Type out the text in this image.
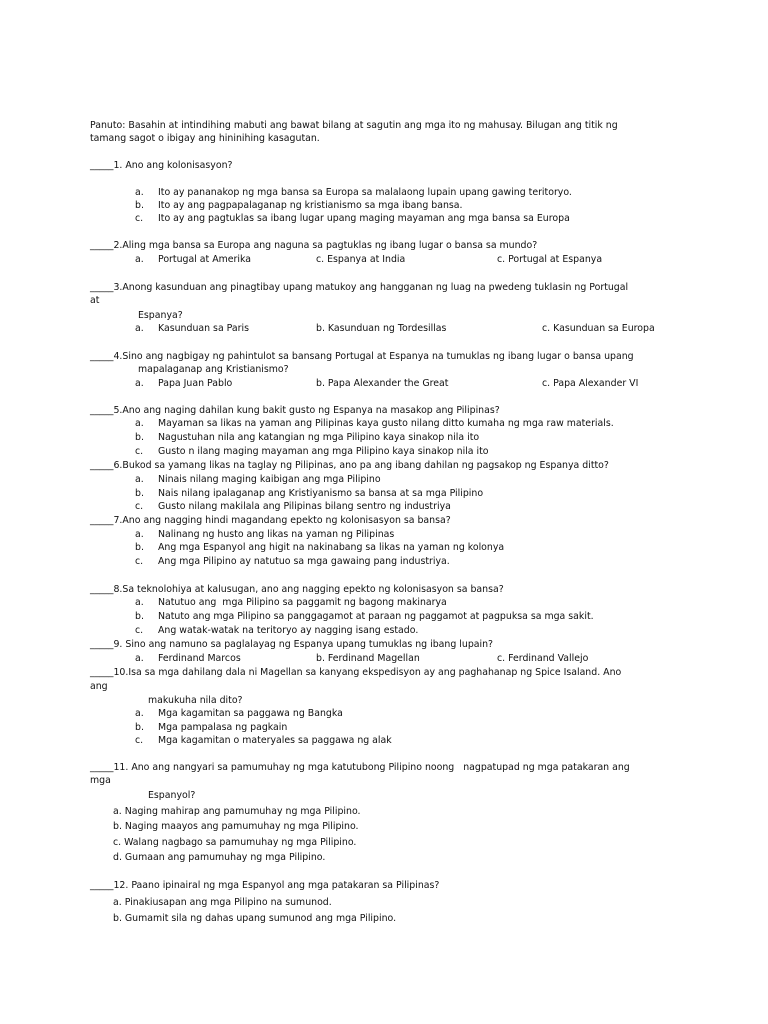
Panuto: Basahin at intindihing mabuti ang bawat bilang at sagutin ang mga ito ng mahusay. Bilugan ang titik ng
tamang sagot o ibigay ang hininihing kasagutan.
_____1. Ano ang kolonisasyon?
a. Ito ay pananakop ng mga bansa sa Europa sa malalaong lupain upang gawing teritoryo.
b. Ito ay ang pagpapalaganap ng kristianismo sa mga ibang bansa.
c. Ito ay ang pagtuklas sa ibang lugar upang maging mayaman ang mga bansa sa Europa
_____2.Aling mga bansa sa Europa ang naguna sa pagtuklas ng ibang lugar o bansa sa mundo?
a. Portugal at Amerika	c. Espanya at India	c. Portugal at Espanya
_____3.Anong kasunduan ang pinagtibay upang matukoy ang hangganan ng luag na pwedeng tuklasin ng Portugal
at
Espanya?
a. Kasunduan sa Paris	b. Kasunduan ng Tordesillas	c. Kasunduan sa Europa
_____4.Sino ang nagbigay ng pahintulot sa bansang Portugal at Espanya na tumuklas ng ibang lugar o bansa upang
mapalaganap ang Kristianismo?
a. Papa Juan Pablo	b. Papa Alexander the Great	c. Papa Alexander VI
_____5.Ano ang naging dahilan kung bakit gusto ng Espanya na masakop ang Pilipinas?
a. Mayaman sa likas na yaman ang Pilipinas kaya gusto nilang ditto kumaha ng mga raw materials.
b. Nagustuhan nila ang katangian ng mga Pilipino kaya sinakop nila ito
c. Gusto n ilang maging mayaman ang mga Pilipino kaya sinakop nila ito
_____6.Bukod sa yamang likas na taglay ng Pilipinas, ano pa ang ibang dahilan ng pagsakop ng Espanya ditto?
a. Ninais nilang maging kaibigan ang mga Pilipino
b. Nais nilang ipalaganap ang Kristiyanismo sa bansa at sa mga Pilipino
c. Gusto nilang makilala ang Pilipinas bilang sentro ng industriya
_____7.Ano ang nagging hindi magandang epekto ng kolonisasyon sa bansa?
a. Nalinang ng husto ang likas na yaman ng Pilipinas
b. Ang mga Espanyol ang higit na nakinabang sa likas na yaman ng kolonya
c. Ang mga Pilipino ay natutuo sa mga gawaing pang industriya.
_____8.Sa teknolohiya at kalusugan, ano ang nagging epekto ng kolonisasyon sa bansa?
a. Natutuo ang  mga Pilipino sa paggamit ng bagong makinarya
b. Natuto ang mga Pilipino sa panggagamot at paraan ng paggamot at pagpuksa sa mga sakit.
c. Ang watak-watak na teritoryo ay nagging isang estado.
_____9. Sino ang namuno sa paglalayag ng Espanya upang tumuklas ng ibang lupain?
a. Ferdinand Marcos	b. Ferdinand Magellan	c. Ferdinand Vallejo
_____10.Isa sa mga dahilang dala ni Magellan sa kanyang ekspedisyon ay ang paghahanap ng Spice Isaland. Ano
ang
makukuha nila dito?
a. Mga kagamitan sa paggawa ng Bangka
b. Mga pampalasa ng pagkain
c. Mga kagamitan o materyales sa paggawa ng alak
_____11. Ano ang nangyari sa pamumuhay ng mga katutubong Pilipino noong   nagpatupad ng mga patakaran ang
mga
Espanyol?
a. Naging mahirap ang pamumuhay ng mga Pilipino.
b. Naging maayos ang pamumuhay ng mga Pilipino.
c. Walang nagbago sa pamumuhay ng mga Pilipino.
d. Gumaan ang pamumuhay ng mga Pilipino.
_____12. Paano ipinairal ng mga Espanyol ang mga patakaran sa Pilipinas?
a. Pinakiusapan ang mga Pilipino na sumunod.
b. Gumamit sila ng dahas upang sumunod ang mga Pilipino.
